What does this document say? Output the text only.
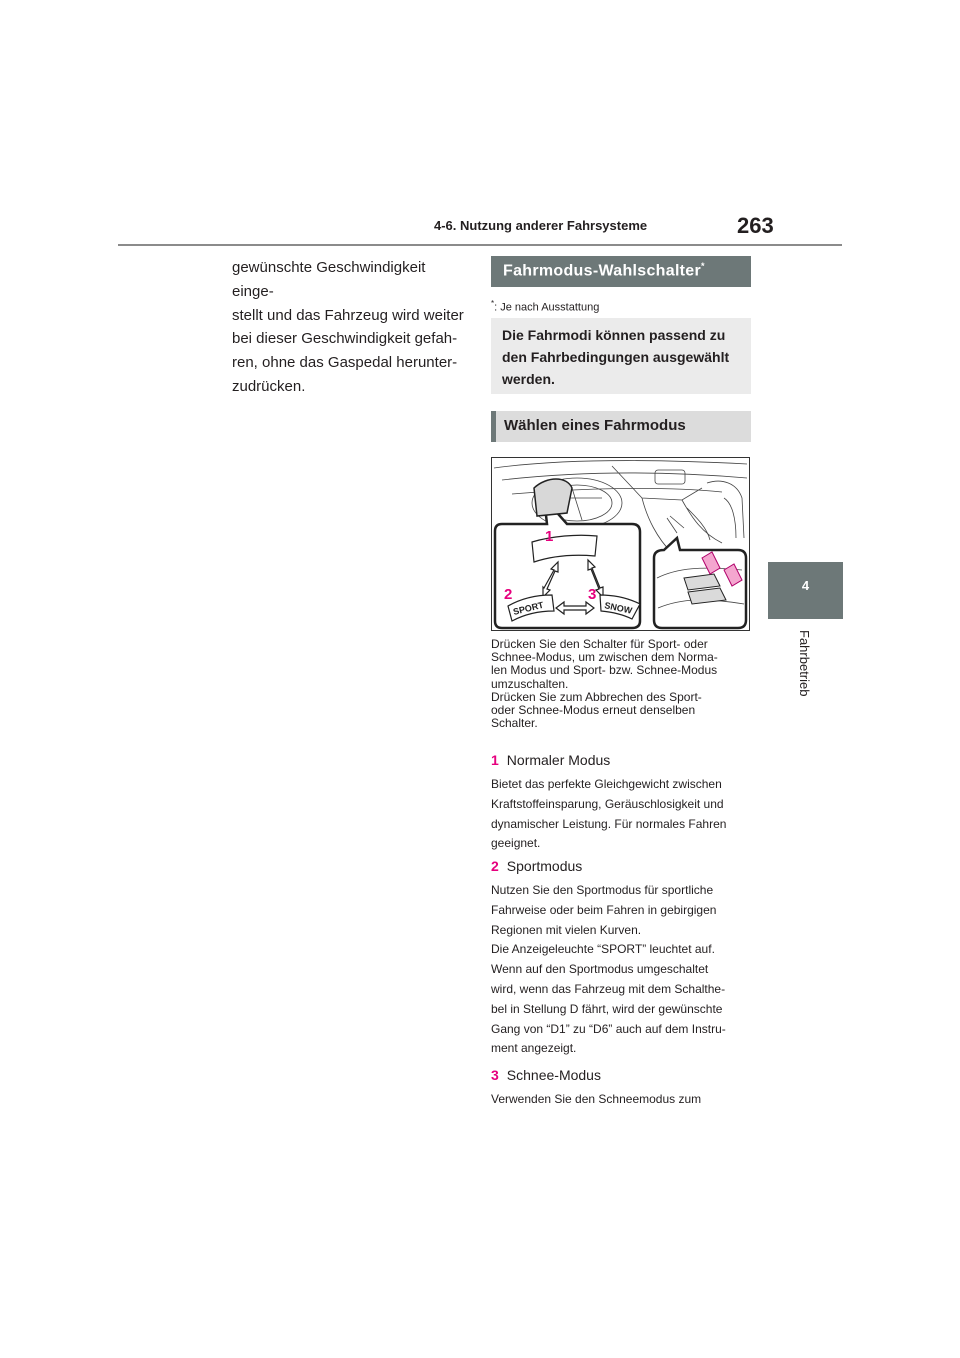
4-6. Nutzung anderer Fahrsysteme	263
4
Fahrbetrieb

gewünschte Geschwindigkeit einge-

stellt und das Fahrzeug wird weiter

bei dieser Geschwindigkeit gefah-

ren, ohne das Gaspedal herunter-

zudrücken.

Fahrmodus-Wahlschalter*
*: Je nach Ausstattung

Die Fahrmodi können passend zu
den Fahrbedingungen ausgewählt
werden.

Wählen eines Fahrmodus
SPORT	SNOW
1
2	3

Drücken Sie den Schalter für Sport- oder

Schnee-Modus, um zwischen dem Norma-

len Modus und Sport- bzw. Schnee-Modus

umzuschalten.

Drücken Sie zum Abbrechen des Sport-

oder Schnee-Modus erneut denselben

Schalter.

1 Normaler Modus

Bietet das perfekte Gleichgewicht zwischen

Kraftstoffeinsparung, Geräuschlosigkeit und

dynamischer Leistung. Für normales Fahren

geeignet.

2 Sportmodus

Nutzen Sie den Sportmodus für sportliche

Fahrweise oder beim Fahren in gebirgigen

Regionen mit vielen Kurven.

Die Anzeigeleuchte “SPORT” leuchtet auf.

Wenn auf den Sportmodus umgeschaltet

wird, wenn das Fahrzeug mit dem Schalthe-

bel in Stellung D fährt, wird der gewünschte

Gang von “D1” zu “D6” auch auf dem Instru-

ment angezeigt.

3 Schnee-Modus

Verwenden Sie den Schneemodus zum
